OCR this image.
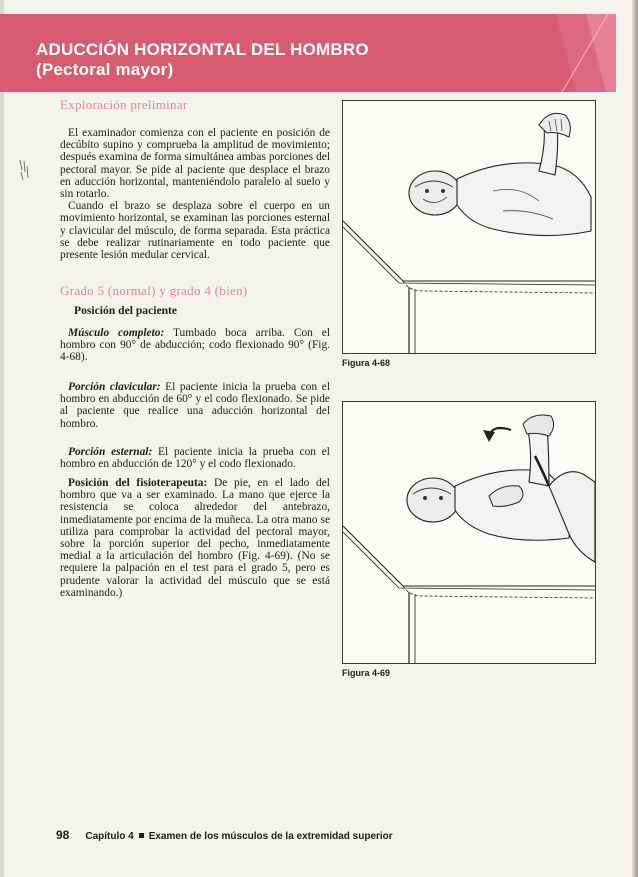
ADUCCIÓN HORIZONTAL DEL HOMBRO
(Pectoral mayor)
Exploración preliminar

El examinador comienza con el paciente en posición de decúbito supino y comprueba la amplitud de movimiento; después examina de forma simultánea ambas porciones del pectoral mayor. Se pide al paciente que desplace el brazo en aducción horizontal, manteniéndolo paralelo al suelo y sin rotarlo.

Cuando el brazo se desplaza sobre el cuerpo en un movimiento horizontal, se examinan las porciones esternal y clavicular del músculo, de forma separada. Esta práctica se debe realizar rutinariamente en todo paciente que presente lesión medular cervical.

Grado 5 (normal) y grado 4 (bien)
Posición del paciente

Músculo completo: Tumbado boca arriba. Con el hombro con 90° de abducción; codo flexionado 90° (Fig. 4-68).

Porción clavicular: El paciente inicia la prueba con el hombro en abducción de 60° y el codo flexionado. Se pide al paciente que realice una aducción horizontal del hombro.

Porción esternal: El paciente inicia la prueba con el hombro en abducción de 120° y el codo flexionado.

Posición del fisioterapeuta: De pie, en el lado del hombro que va a ser examinado. La mano que ejerce la resistencia se coloca alrededor del antebrazo, inmediatamente por encima de la muñeca. La otra mano se utiliza para comprobar la actividad del pectoral mayor, sobre la porción superior del pecho, inmediatamente medial a la articulación del hombro (Fig. 4-69). (No se requiere la palpación en el test para el grado 5, pero es prudente valorar la actividad del músculo que se está examinando.)

Figura 4-68
Figura 4-69
98 Capítulo 4 Examen de los músculos de la extremidad superior
